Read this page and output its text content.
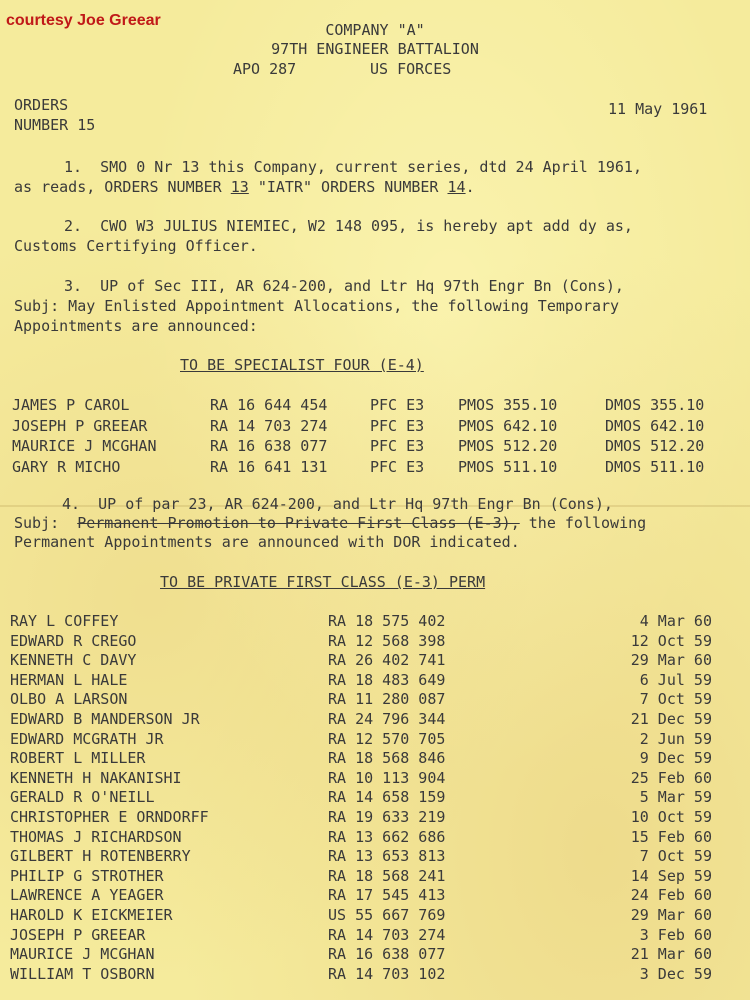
courtesy Joe Greear
COMPANY "A"
97TH ENGINEER BATTALION
APO 287	US FORCES
ORDERS
NUMBER 15
11 May 1961
1.  SMO 0 Nr 13 this Company, current series, dtd 24 April 1961,
as reads, ORDERS NUMBER 13 "IATR" ORDERS NUMBER 14.
2.  CWO W3 JULIUS NIEMIEC, W2 148 095, is hereby apt add dy as,
Customs Certifying Officer.
3.  UP of Sec III, AR 624-200, and Ltr Hq 97th Engr Bn (Cons),
Subj: May Enlisted Appointment Allocations, the following Temporary
Appointments are announced:
TO BE SPECIALIST FOUR (E-4)
JAMES P CAROL	RA 16 644 454	PFC E3 PMOS 355.10	DMOS 355.10
JOSEPH P GREEAR	RA 14 703 274	PFC E3 PMOS 642.10	DMOS 642.10
MAURICE J MCGHAN	RA 16 638 077	PFC E3 PMOS 512.20	DMOS 512.20
GARY R MICHO	RA 16 641 131	PFC E3 PMOS 511.10	DMOS 511.10
4.  UP of par 23, AR 624-200, and Ltr Hq 97th Engr Bn (Cons),
Subj:  Permanent Promotion to Private First Class (E-3), the following
Permanent Appointments are announced with DOR indicated.
TO BE PRIVATE FIRST CLASS (E-3) PERM
RAY L COFFEY	RA 18 575 402	4 Mar 60
EDWARD R CREGO	RA 12 568 398	12 Oct 59
KENNETH C DAVY	RA 26 402 741	29 Mar 60
HERMAN L HALE	RA 18 483 649	6 Jul 59
OLBO A LARSON	RA 11 280 087	7 Oct 59
EDWARD B MANDERSON JR	RA 24 796 344	21 Dec 59
EDWARD MCGRATH JR	RA 12 570 705	2 Jun 59
ROBERT L MILLER	RA 18 568 846	9 Dec 59
KENNETH H NAKANISHI	RA 10 113 904	25 Feb 60
GERALD R O'NEILL	RA 14 658 159	5 Mar 59
CHRISTOPHER E ORNDORFF	RA 19 633 219	10 Oct 59
THOMAS J RICHARDSON	RA 13 662 686	15 Feb 60
GILBERT H ROTENBERRY	RA 13 653 813	7 Oct 59
PHILIP G STROTHER	RA 18 568 241	14 Sep 59
LAWRENCE A YEAGER	RA 17 545 413	24 Feb 60
HAROLD K EICKMEIER	US 55 667 769	29 Mar 60
JOSEPH P GREEAR	RA 14 703 274	3 Feb 60
MAURICE J MCGHAN	RA 16 638 077	21 Mar 60
WILLIAM T OSBORN	RA 14 703 102	3 Dec 59
